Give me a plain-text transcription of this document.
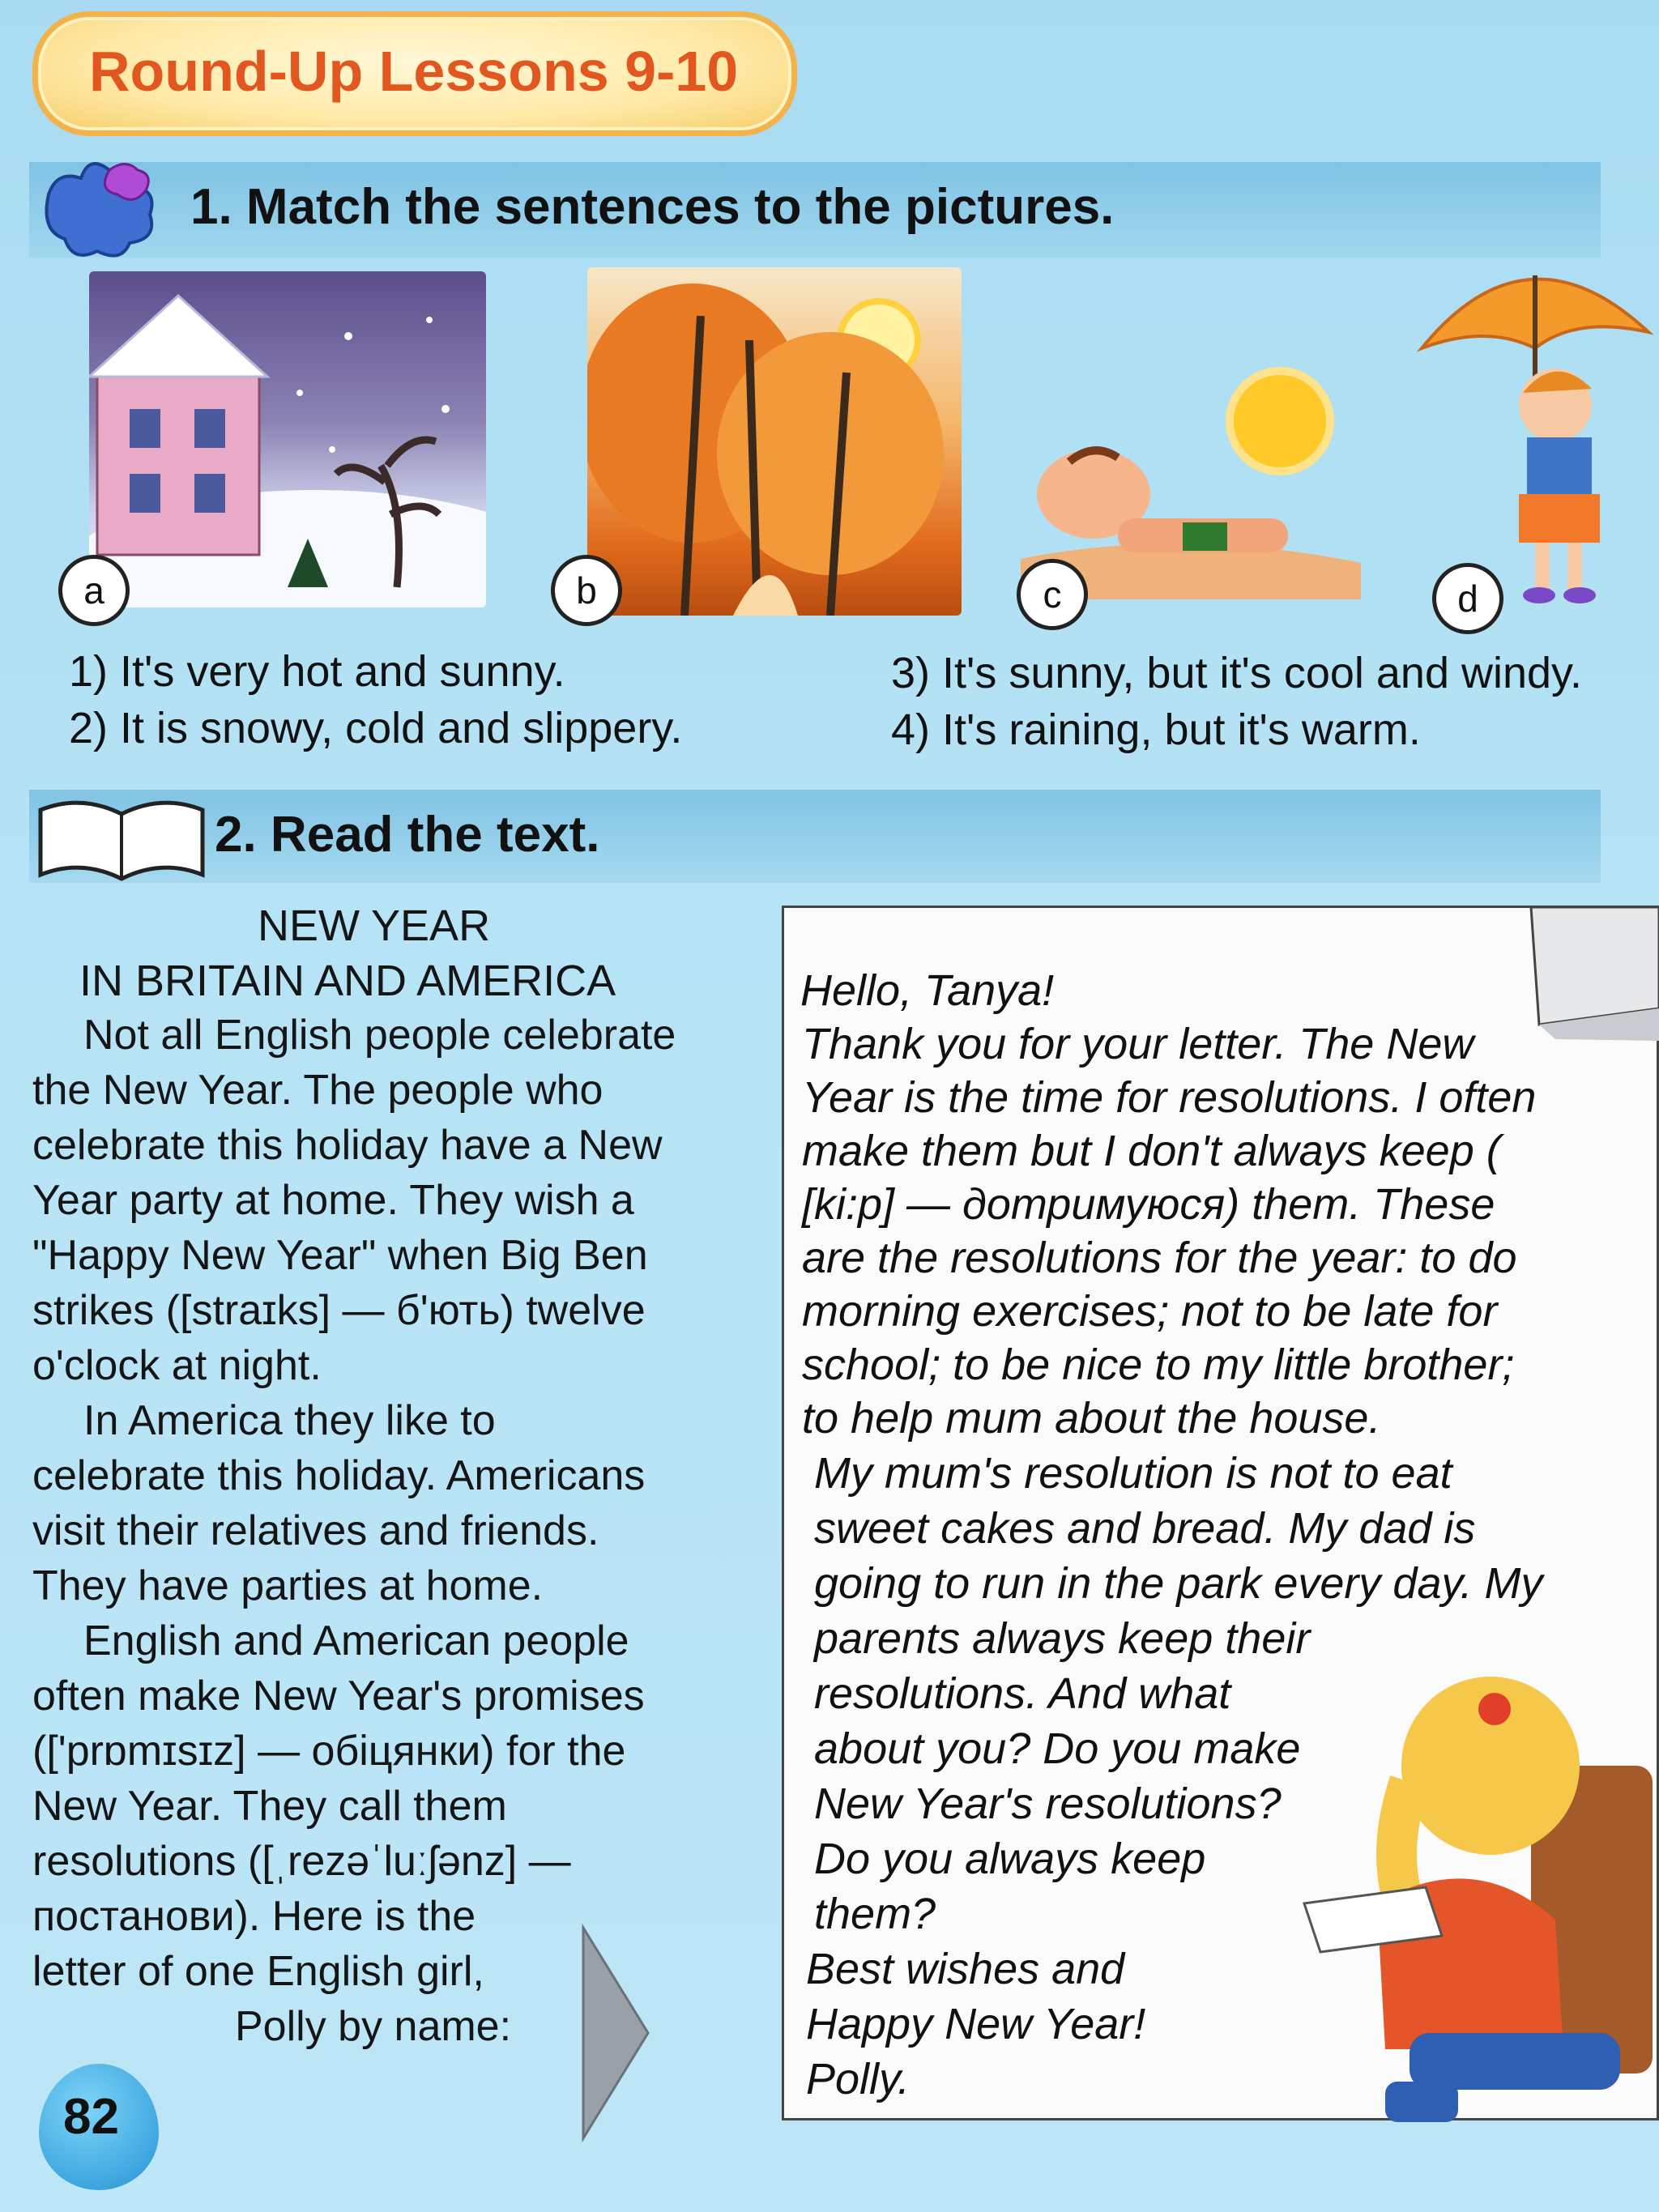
Round-Up Lessons 9-10
1. Match the sentences to the pictures.
a	b	c	d
1) It's very hot and sunny.
2) It is snowy, cold and slippery.
3) It's sunny, but it's cool and windy.
4) It's raining, but it's warm.
2. Read the text.
NEW YEAR
IN BRITAIN AND AMERICA
Not all English people celebrate
the New Year. The people who
celebrate this holiday have a New
Year party at home. They wish a
"Happy New Year" when Big Ben
strikes ([straɪks] — б'ють) twelve
o'clock at night.
In America they like to
celebrate this holiday. Americans
visit their relatives and friends.
They have parties at home.
English and American people
often make New Year's promises
(['prɒmɪsɪz] — обіцянки) for the
New Year. They call them
resolutions ([ˌrezəˈluːʃənz] —
постанови). Here is the
letter of one English girl,
Polly by name:
Hello, Tanya!
Thank you for your letter. The New
Year is the time for resolutions. I often
make them but I don't always keep (
[ki:p] — дотримуюся) them. These
are the resolutions for the year: to do
morning exercises; not to be late for
school; to be nice to my little brother;
to help mum about the house.
My mum's resolution is not to eat
sweet cakes and bread. My dad is
going to run in the park every day. My
parents always keep their
resolutions. And what
about you? Do you make
New Year's resolutions?
Do you always keep
them?
Best wishes and
Happy New Year!
Polly.
82
